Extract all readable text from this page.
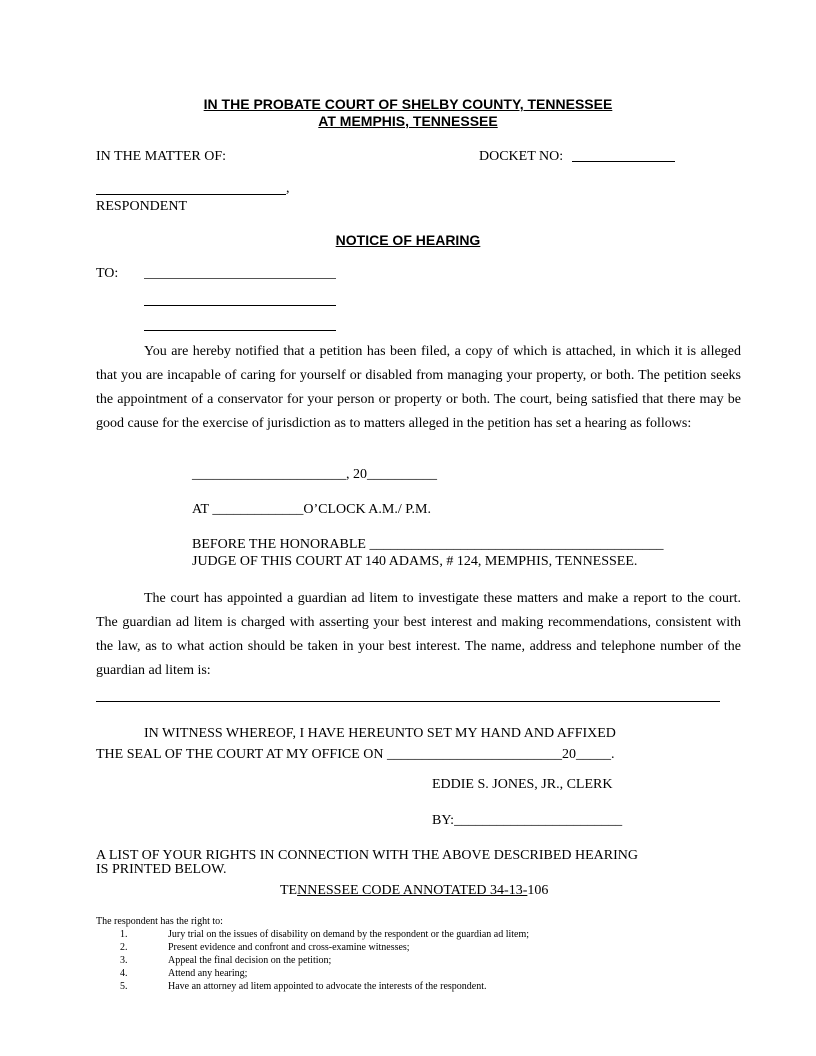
IN THE PROBATE COURT OF SHELBY COUNTY, TENNESSEE
AT MEMPHIS, TENNESSEE
IN THE MATTER OF:	DOCKET NO:
,
RESPONDENT
NOTICE OF HEARING
TO:
You are hereby notified that a petition has been filed, a copy of which is attached, in which it is alleged that you are incapable of caring for yourself or disabled from managing your property, or both. The petition seeks the appointment of a conservator for your person or property or both. The court, being satisfied that there may be good cause for the exercise of jurisdiction as to matters alleged in the petition has set a hearing as follows:
______________________, 20__________
AT _____________O’CLOCK A.M./ P.M.
BEFORE THE HONORABLE __________________________________________
JUDGE OF THIS COURT AT 140 ADAMS, # 124, MEMPHIS, TENNESSEE.
The court has appointed a guardian ad litem to investigate these matters and make a report to the court. The guardian ad litem is charged with asserting your best interest and making recommendations, consistent with the law, as to what action should be taken in your best interest. The name, address and telephone number of the guardian ad litem is:
IN WITNESS WHEREOF, I HAVE HEREUNTO SET MY HAND AND AFFIXED
THE SEAL OF THE COURT AT MY OFFICE ON _________________________20_____.
EDDIE S. JONES, JR., CLERK
BY:________________________
A LIST OF YOUR RIGHTS IN CONNECTION WITH THE ABOVE DESCRIBED HEARING
IS PRINTED BELOW.
TENNESSEE CODE ANNOTATED 34-13-106
The respondent has the right to:
1.	Jury trial on the issues of disability on demand by the respondent or the guardian ad litem;
2.	Present evidence and confront and cross-examine witnesses;
3.	Appeal the final decision on the petition;
4.	Attend any hearing;
5.	Have an attorney ad litem appointed to advocate the interests of the respondent.
